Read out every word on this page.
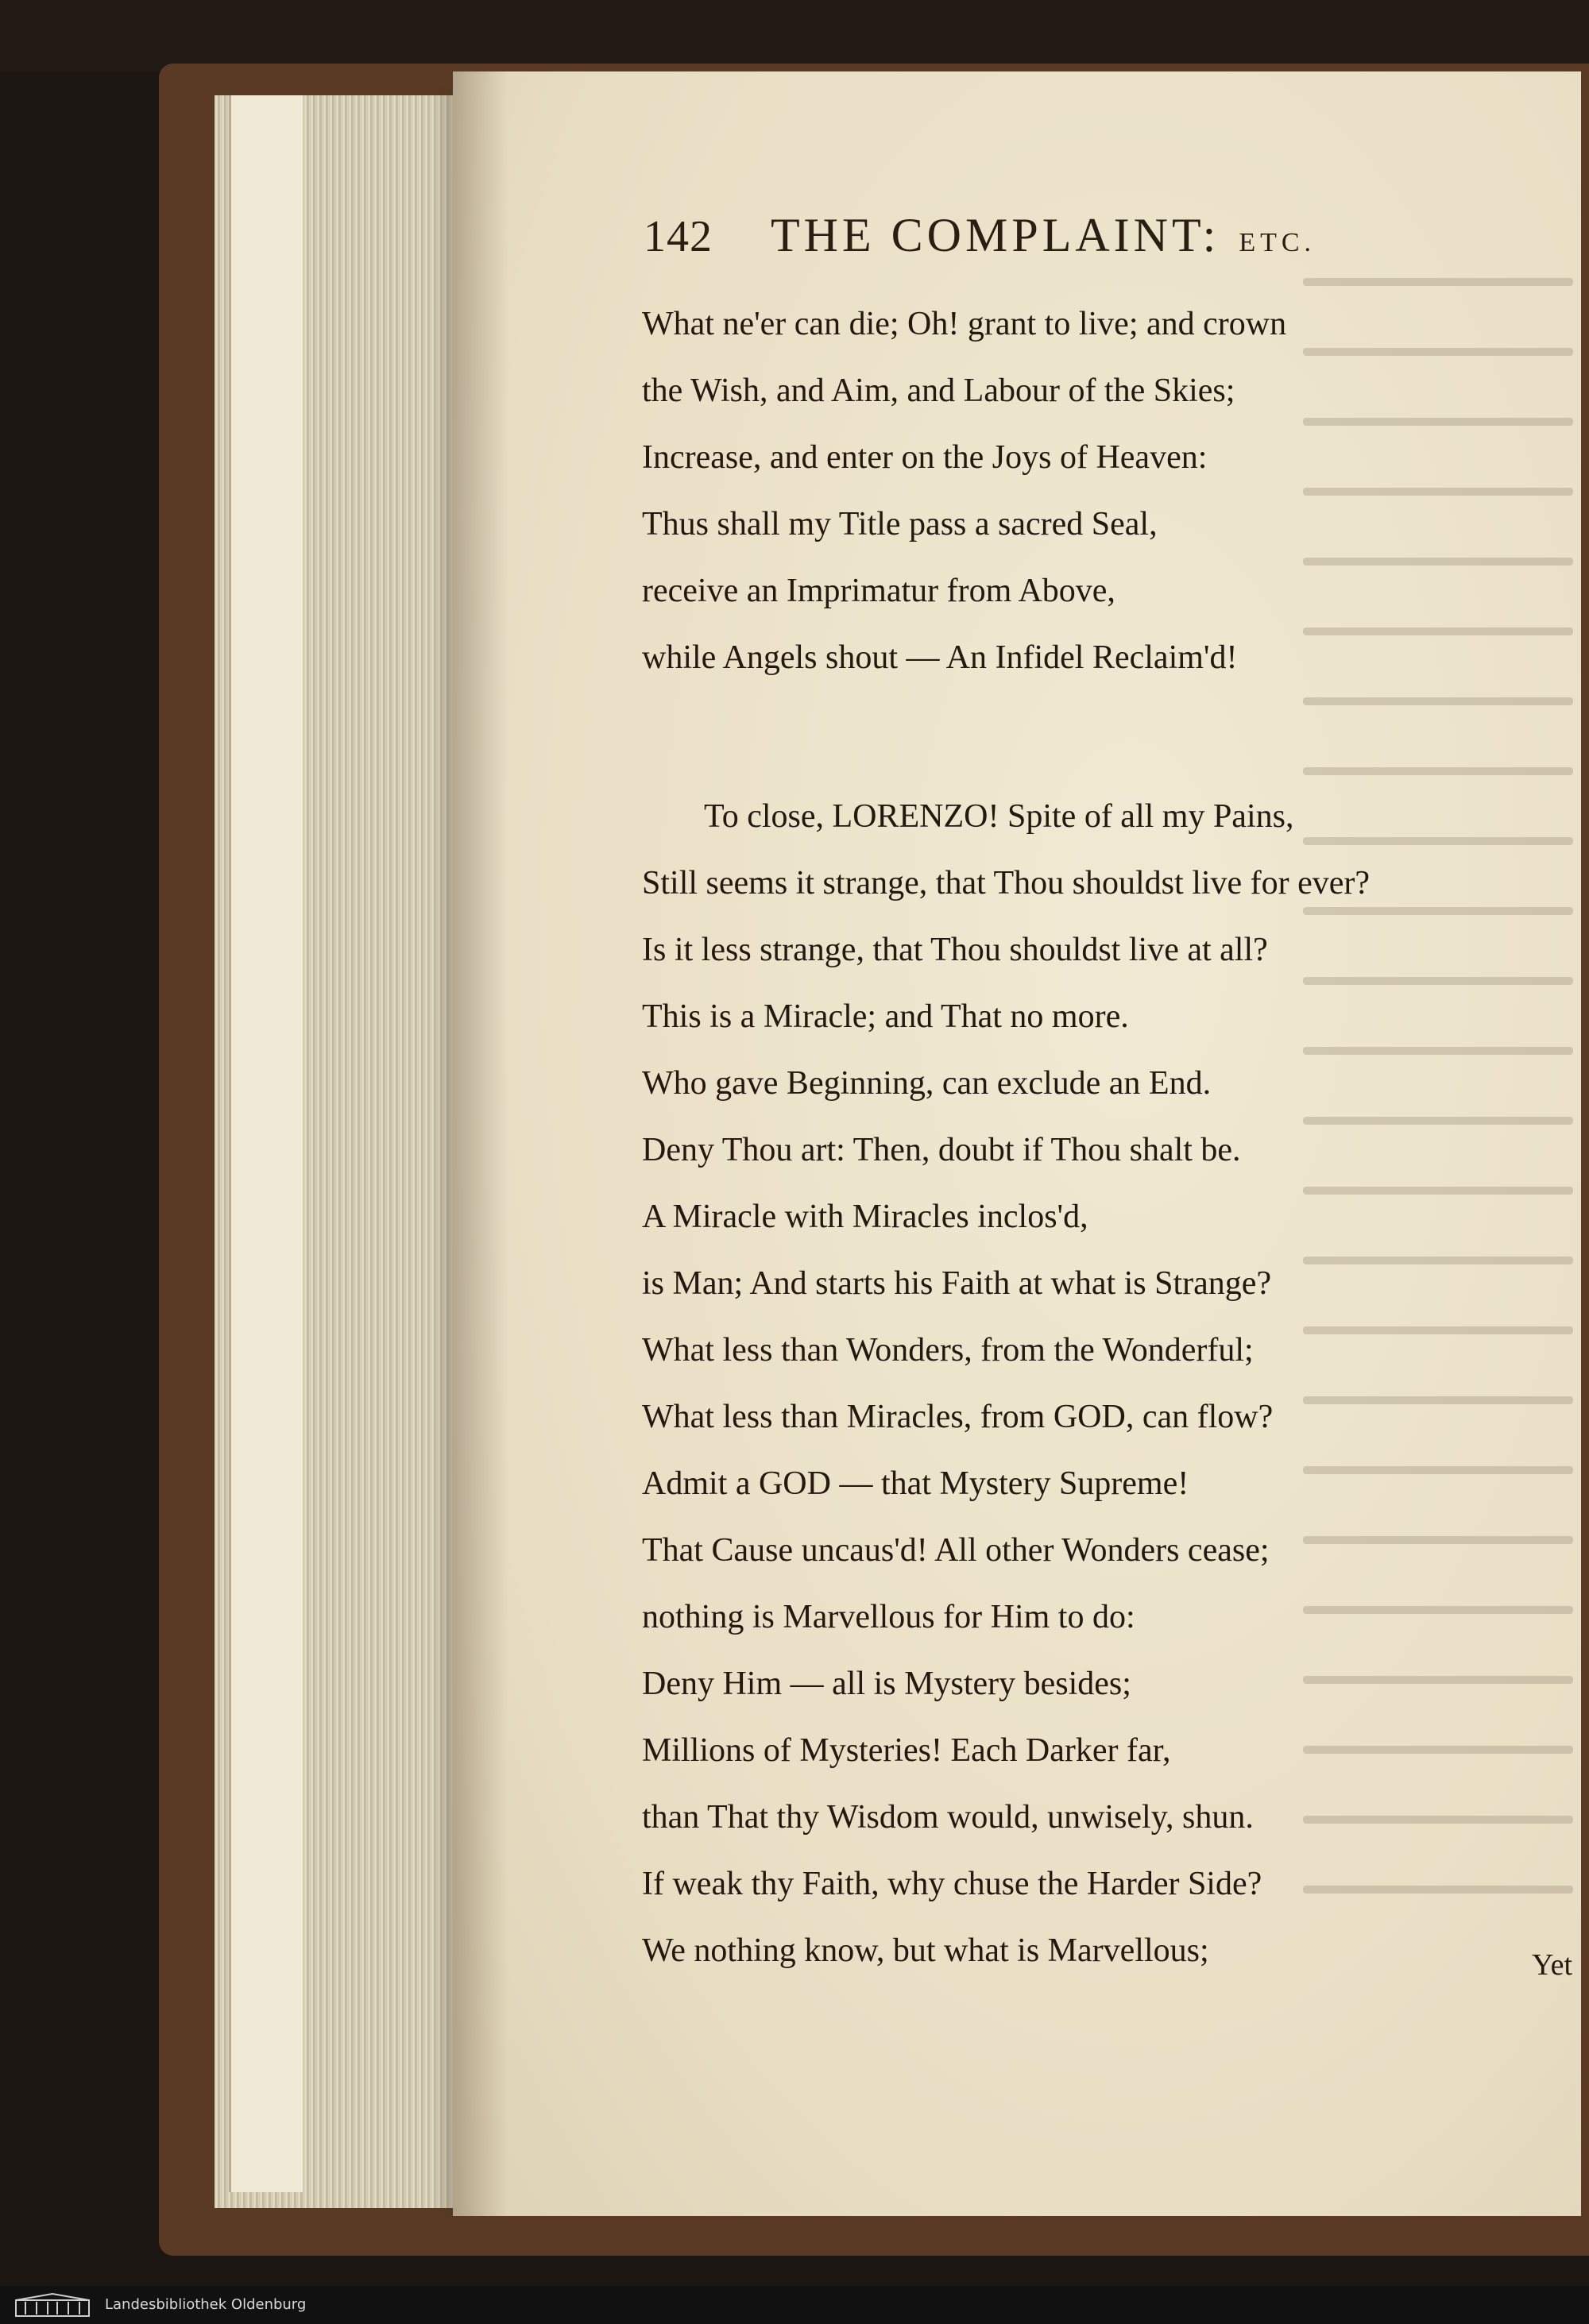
142	THE COMPLAINT: ETC.
What ne'er can die; Oh! grant to live; and crown
the Wish, and Aim, and Labour of the Skies;
Increase, and enter on the Joys of Heaven:
Thus shall my Title pass a sacred Seal,
receive an Imprimatur from Above,
while Angels shout — An Infidel Reclaim'd!
To close, LORENZO! Spite of all my Pains,
Still seems it strange, that Thou shouldst live for ever?
Is it less strange, that Thou shouldst live at all?
This is a Miracle; and That no more.
Who gave Beginning, can exclude an End.
Deny Thou art: Then, doubt if Thou shalt be.
A Miracle with Miracles inclos'd,
is Man; And starts his Faith at what is Strange?
What less than Wonders, from the Wonderful;
What less than Miracles, from GOD, can flow?
Admit a GOD — that Mystery Supreme!
That Cause uncaus'd! All other Wonders cease;
nothing is Marvellous for Him to do:
Deny Him — all is Mystery besides;
Millions of Mysteries! Each Darker far,
than That thy Wisdom would, unwisely, shun.
If weak thy Faith, why chuse the Harder Side?
We nothing know, but what is Marvellous;	Yet
Landesbibliothek Oldenburg
